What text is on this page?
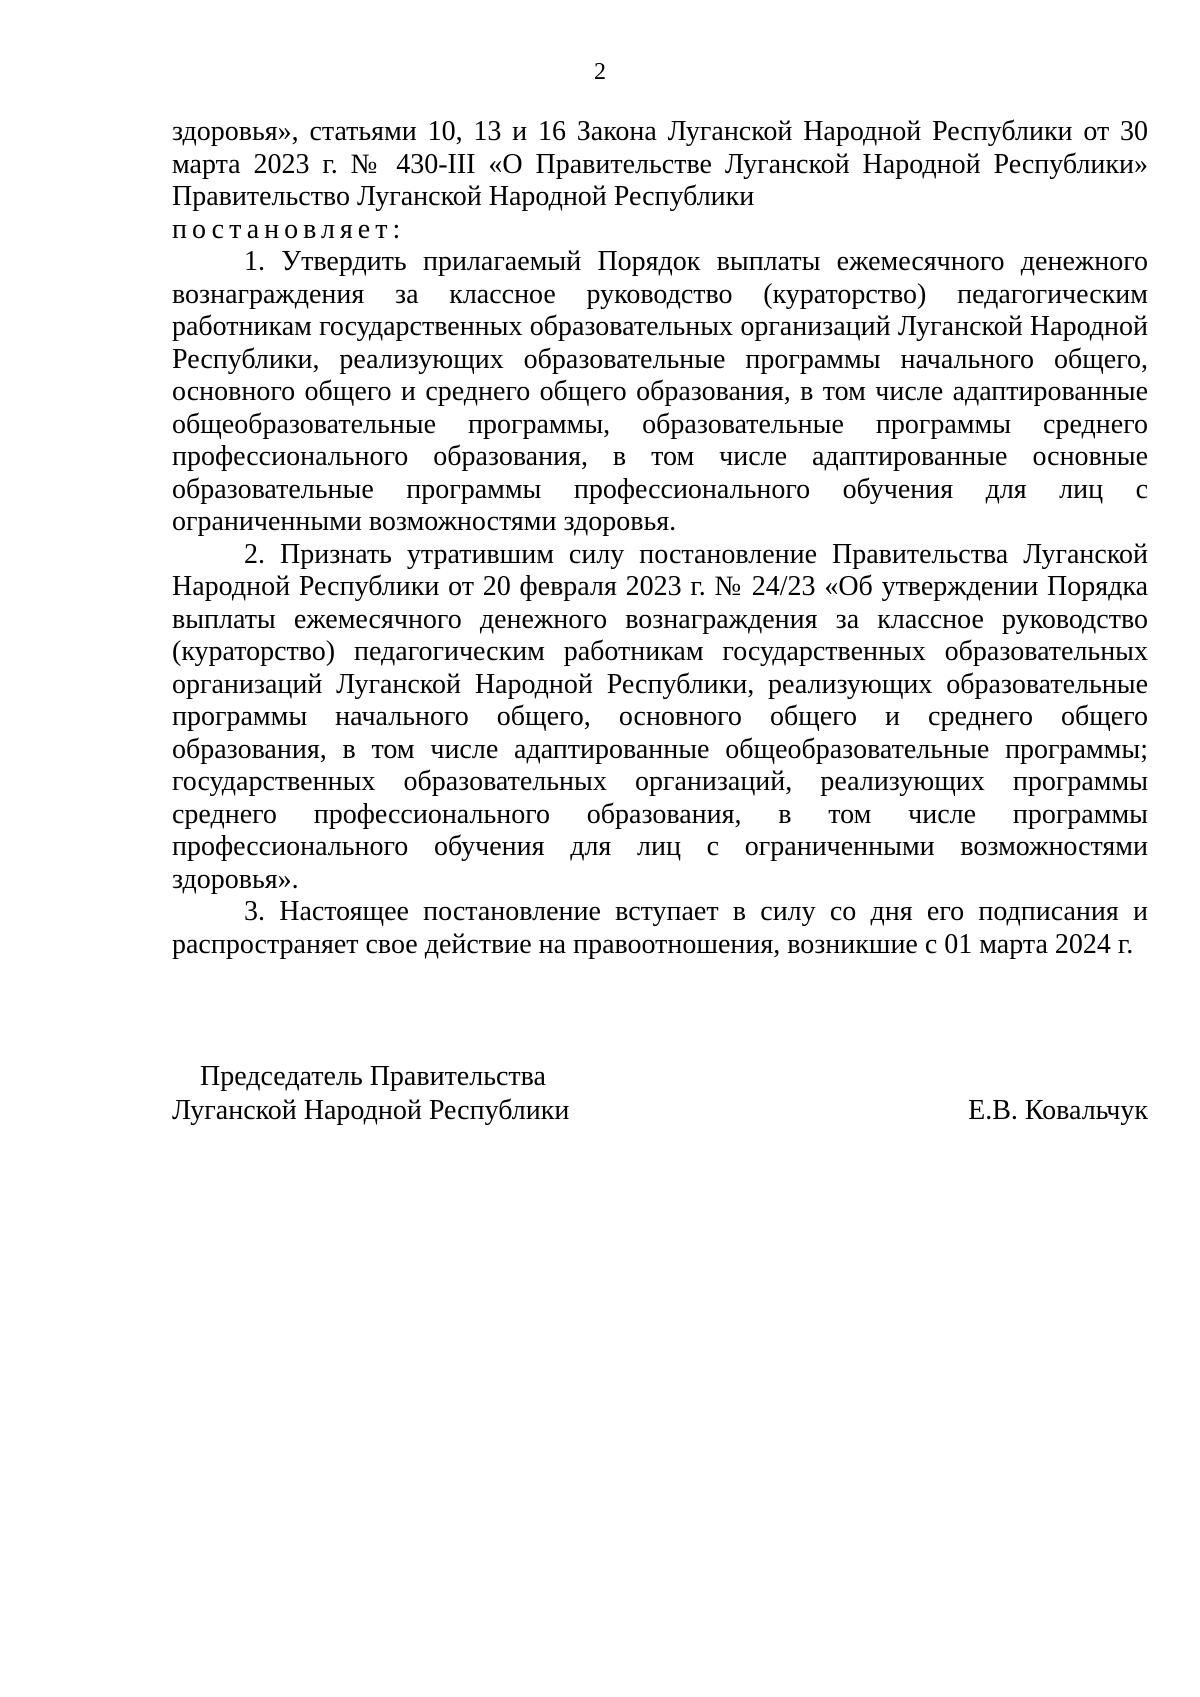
2

здоровья», статьями 10, 13 и 16 Закона Луганской Народной Республики от 30 марта 2023 г. № 430-III «О Правительстве Луганской Народной Республики» Правительство Луганской Народной Республики
постановляет:

1. Утвердить прилагаемый Порядок выплаты ежемесячного денежного вознаграждения за классное руководство (кураторство) педагогическим работникам государственных образовательных организаций Луганской Народной Республики, реализующих образовательные программы начального общего, основного общего и среднего общего образования, в том числе адаптированные общеобразовательные программы, образовательные программы среднего профессионального образования, в том числе адаптированные основные образовательные программы профессионального обучения для лиц с ограниченными возможностями здоровья.

2. Признать утратившим силу постановление Правительства Луганской Народной Республики от 20 февраля 2023 г. № 24/23 «Об утверждении Порядка выплаты ежемесячного денежного вознаграждения за классное руководство (кураторство) педагогическим работникам государственных образовательных организаций Луганской Народной Республики, реализующих образовательные программы начального общего, основного общего и среднего общего образования, в том числе адаптированные общеобразовательные программы; государственных образовательных организаций, реализующих программы среднего профессионального образования, в том числе программы профессионального обучения для лиц с ограниченными возможностями здоровья».

3. Настоящее постановление вступает в силу со дня его подписания и распространяет свое действие на правоотношения, возникшие с 01 марта 2024 г.

Председатель Правительства
Луганской Народной Республики	Е.В. Ковальчук
